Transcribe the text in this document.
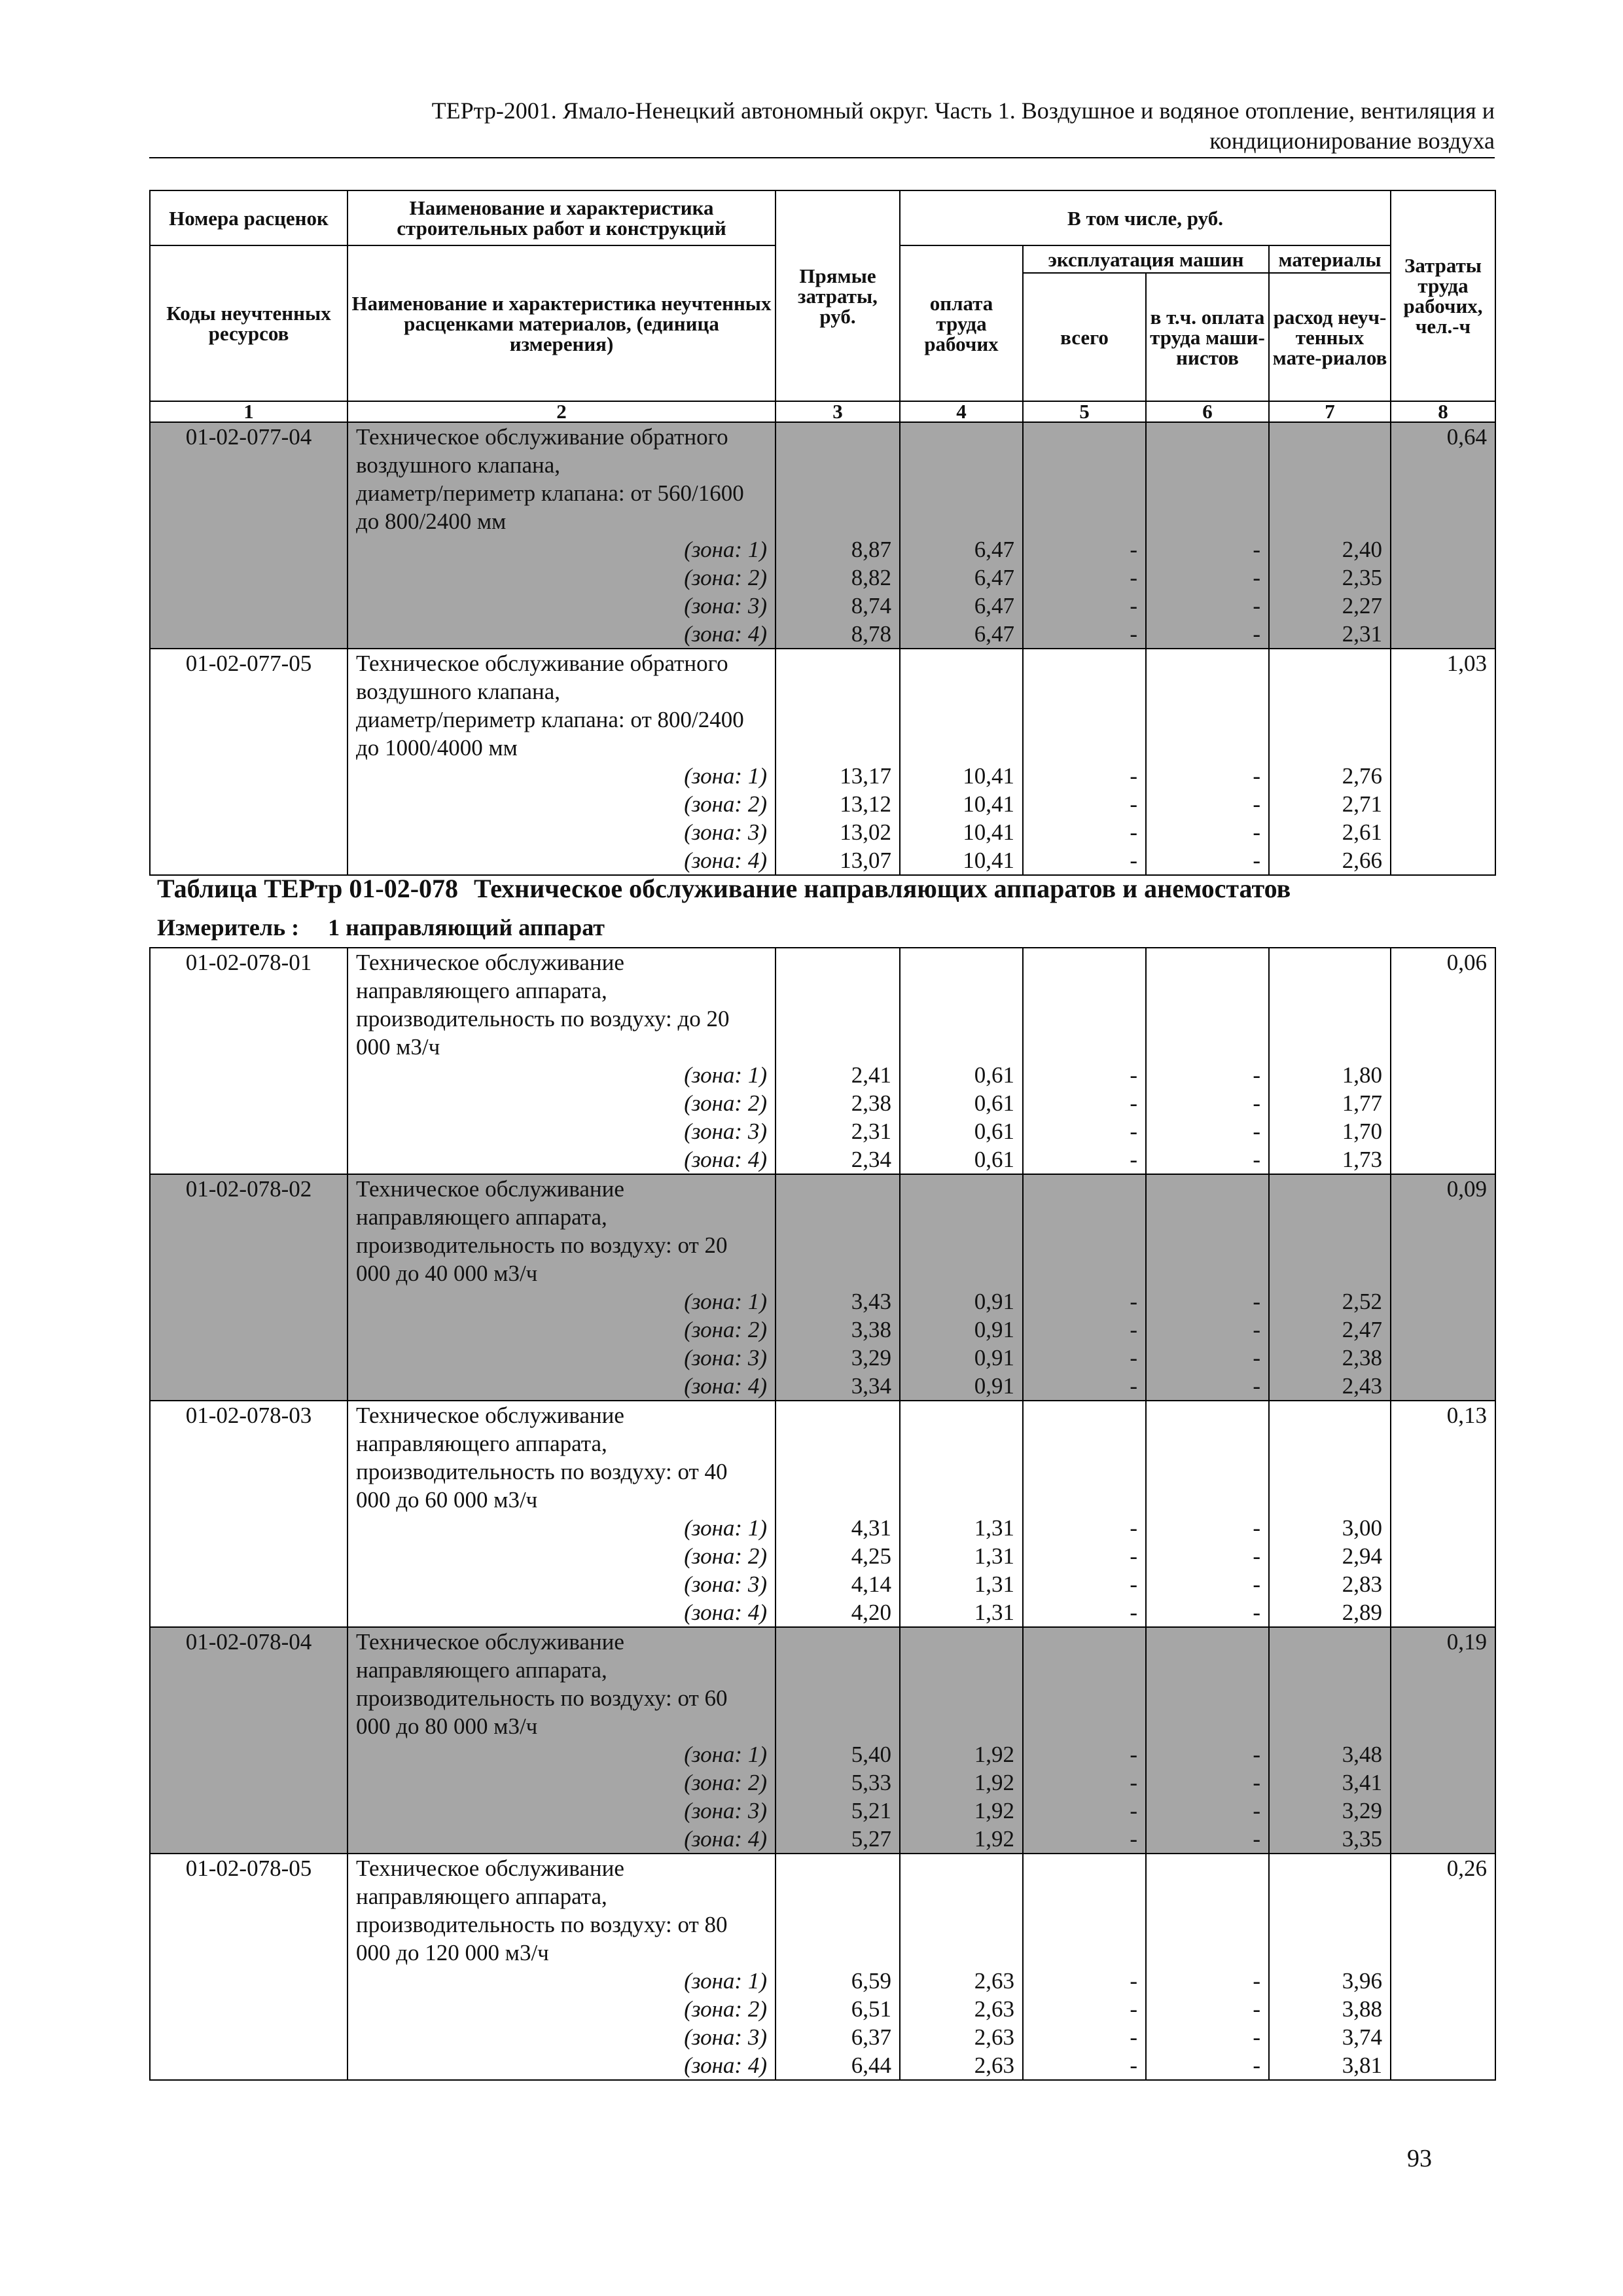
ТЕРтр-2001. Ямало-Ненецкий автономный округ. Часть 1. Воздушное и водяное отопление, вентиляция и
кондиционирование воздуха
Номера расценок	Наименование и характеристика строительных работ и конструкций	Прямые затраты, руб.	В том числе, руб.				Затраты труда рабочих, чел.-ч
Коды неучтенных ресурсов	Наименование и характеристика неучтенных расценками материалов, (единица измерения)		оплата труда рабочих	эксплуатация машин		материалы	
				всего	в т.ч. оплата труда маши-нистов	расход неуч-тенных мате-риалов	
1	2	3	4	5	6	7	8
01-02-077-04	Техническое обслуживание обратного						0,64
	воздушного клапана,						
	диаметр/периметр клапана: от 560/1600						
	до 800/2400 мм						
	(зона: 1)	8,87	6,47	-	-	2,40	
	(зона: 2)	8,82	6,47	-	-	2,35	
	(зона: 3)	8,74	6,47	-	-	2,27	
	(зона: 4)	8,78	6,47	-	-	2,31	
01-02-077-05	Техническое обслуживание обратного						1,03
	воздушного клапана,						
	диаметр/периметр клапана: от 800/2400						
	до 1000/4000 мм						
	(зона: 1)	13,17	10,41	-	-	2,76	
	(зона: 2)	13,12	10,41	-	-	2,71	
	(зона: 3)	13,02	10,41	-	-	2,61	
	(зона: 4)	13,07	10,41	-	-	2,66	
Таблица ТЕРтр 01-02-078 Техническое обслуживание направляющих аппаратов и анемостатов
Измеритель : 1 направляющий аппарат
01-02-078-01	Техническое обслуживание						0,06
	направляющего аппарата,						
	производительность по воздуху: до 20						
	000 м3/ч						
	(зона: 1)	2,41	0,61	-	-	1,80	
	(зона: 2)	2,38	0,61	-	-	1,77	
	(зона: 3)	2,31	0,61	-	-	1,70	
	(зона: 4)	2,34	0,61	-	-	1,73	
01-02-078-02	Техническое обслуживание						0,09
	направляющего аппарата,						
	производительность по воздуху: от 20						
	000 до 40 000 м3/ч						
	(зона: 1)	3,43	0,91	-	-	2,52	
	(зона: 2)	3,38	0,91	-	-	2,47	
	(зона: 3)	3,29	0,91	-	-	2,38	
	(зона: 4)	3,34	0,91	-	-	2,43	
01-02-078-03	Техническое обслуживание						0,13
	направляющего аппарата,						
	производительность по воздуху: от 40						
	000 до 60 000 м3/ч						
	(зона: 1)	4,31	1,31	-	-	3,00	
	(зона: 2)	4,25	1,31	-	-	2,94	
	(зона: 3)	4,14	1,31	-	-	2,83	
	(зона: 4)	4,20	1,31	-	-	2,89	
01-02-078-04	Техническое обслуживание						0,19
	направляющего аппарата,						
	производительность по воздуху: от 60						
	000 до 80 000 м3/ч						
	(зона: 1)	5,40	1,92	-	-	3,48	
	(зона: 2)	5,33	1,92	-	-	3,41	
	(зона: 3)	5,21	1,92	-	-	3,29	
	(зона: 4)	5,27	1,92	-	-	3,35	
01-02-078-05	Техническое обслуживание						0,26
	направляющего аппарата,						
	производительность по воздуху: от 80						
	000 до 120 000 м3/ч						
	(зона: 1)	6,59	2,63	-	-	3,96	
	(зона: 2)	6,51	2,63	-	-	3,88	
	(зона: 3)	6,37	2,63	-	-	3,74	
	(зона: 4)	6,44	2,63	-	-	3,81	
93
